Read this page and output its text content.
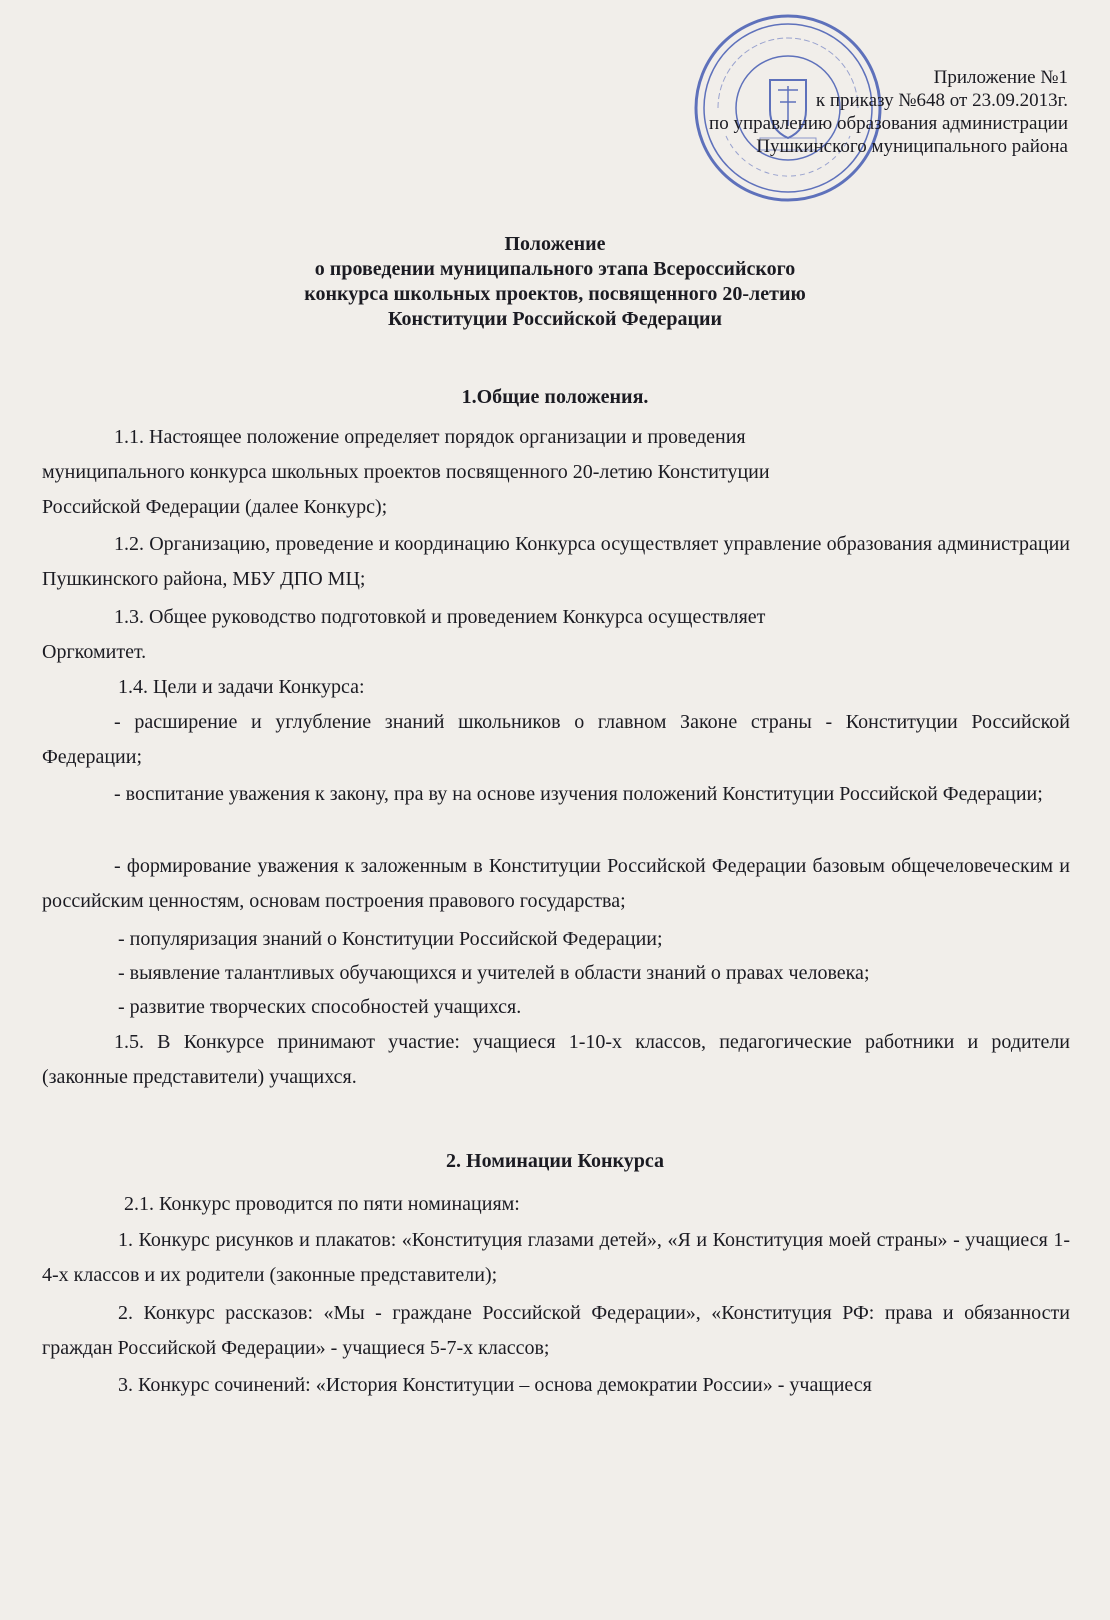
Приложение №1
к приказу №648 от 23.09.2013г.
по управлению образования администрации
Пушкинского муниципального района
Положение
о проведении муниципального этапа Всероссийского
конкурса школьных проектов, посвященного 20-летию
Конституции Российской Федерации
1.Общие положения.
1.1. Настоящее положение определяет порядок организации и проведения
муниципального конкурса школьных проектов посвященного 20-летию Конституции
Российской Федерации (далее Конкурс);
1.2. Организацию, проведение и координацию Конкурса осуществляет управление образования администрации Пушкинского района, МБУ ДПО МЦ;
1.3. Общее руководство подготовкой и проведением Конкурса осуществляет
Оргкомитет.
1.4. Цели и задачи Конкурса:
- расширение и углубление знаний школьников о главном Законе страны - Конституции Российской Федерации;
- воспитание уважения к закону, пра ву на основе изучения положений Конституции Российской Федерации;
- формирование уважения к заложенным в Конституции Российской Федерации базовым общечеловеческим и российским ценностям, основам построения правового государства;
- популяризация знаний о Конституции Российской Федерации;
- выявление талантливых обучающихся и учителей в области знаний о правах человека;
- развитие творческих способностей учащихся.
1.5. В Конкурсе принимают участие: учащиеся 1-10-х классов, педагогические работники и родители (законные представители) учащихся.
2. Номинации Конкурса
2.1. Конкурс проводится по пяти номинациям:
1. Конкурс рисунков и плакатов: «Конституция глазами детей», «Я и Конституция моей страны» - учащиеся 1-4-х классов и их родители (законные представители);
2. Конкурс рассказов: «Мы - граждане Российской Федерации», «Конституция РФ: права и обязанности граждан Российской Федерации» - учащиеся 5-7-х классов;
3. Конкурс сочинений: «История Конституции – основа демократии России» - учащиеся
